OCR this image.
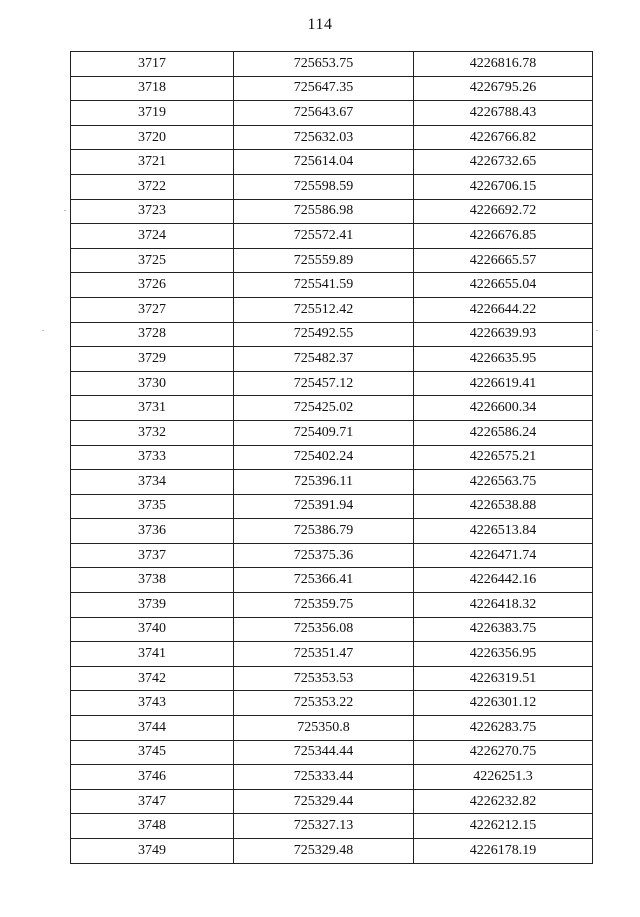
114
3717	725653.75	4226816.78
3718	725647.35	4226795.26
3719	725643.67	4226788.43
3720	725632.03	4226766.82
3721	725614.04	4226732.65
3722	725598.59	4226706.15
3723	725586.98	4226692.72
3724	725572.41	4226676.85
3725	725559.89	4226665.57
3726	725541.59	4226655.04
3727	725512.42	4226644.22
3728	725492.55	4226639.93
3729	725482.37	4226635.95
3730	725457.12	4226619.41
3731	725425.02	4226600.34
3732	725409.71	4226586.24
3733	725402.24	4226575.21
3734	725396.11	4226563.75
3735	725391.94	4226538.88
3736	725386.79	4226513.84
3737	725375.36	4226471.74
3738	725366.41	4226442.16
3739	725359.75	4226418.32
3740	725356.08	4226383.75
3741	725351.47	4226356.95
3742	725353.53	4226319.51
3743	725353.22	4226301.12
3744	725350.8	4226283.75
3745	725344.44	4226270.75
3746	725333.44	4226251.3
3747	725329.44	4226232.82
3748	725327.13	4226212.15
3749	725329.48	4226178.19
